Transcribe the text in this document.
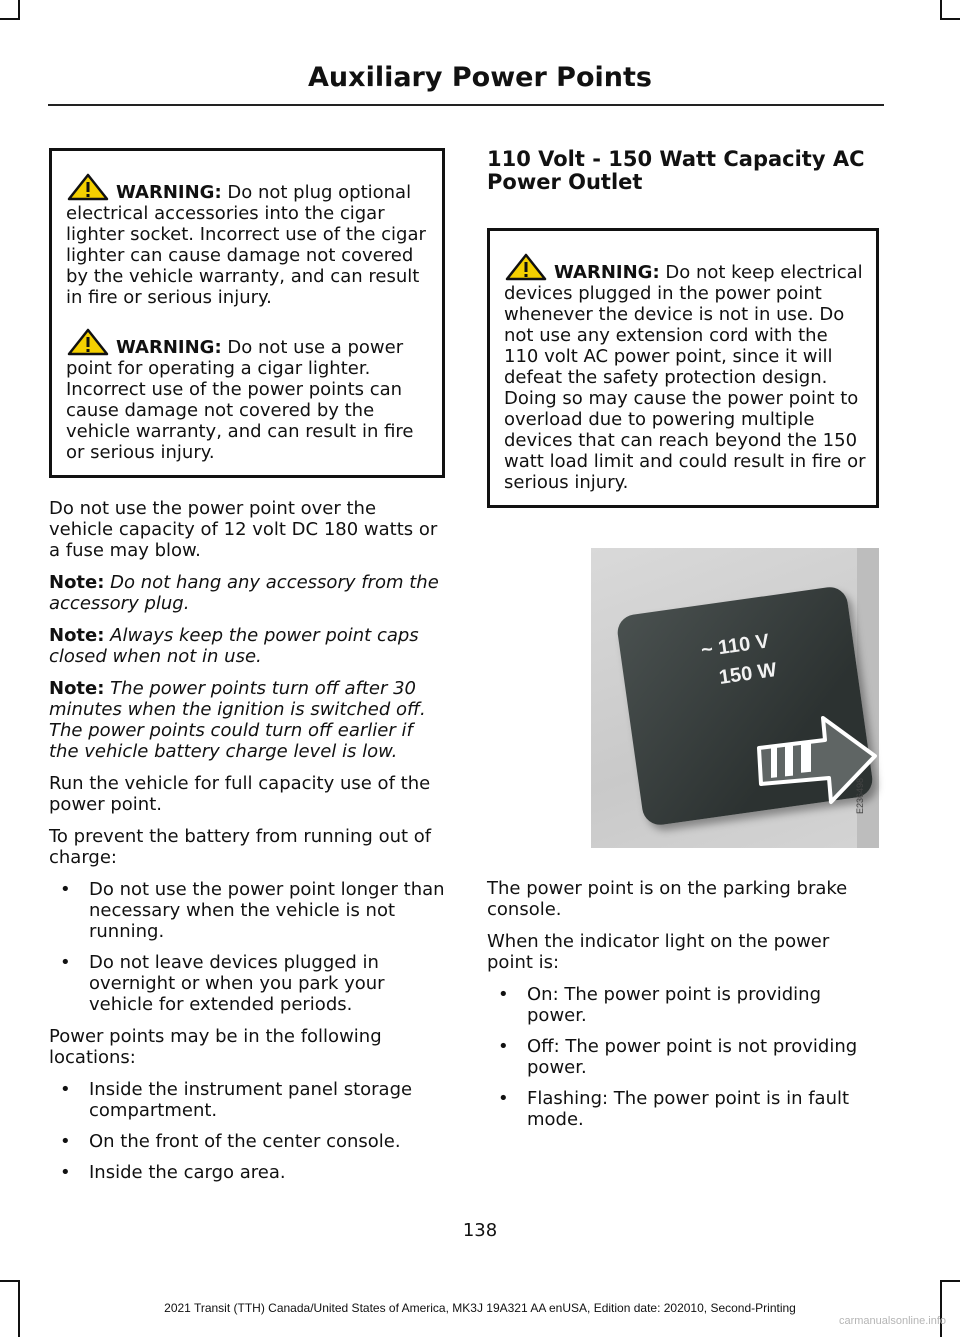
Auxiliary Power Points

WARNING: Do not plug optional electrical accessories into the cigar lighter socket. Incorrect use of the cigar lighter can cause damage not covered by the vehicle warranty, and can result in fire or serious injury.

WARNING: Do not use a power point for operating a cigar lighter. Incorrect use of the power points can cause damage not covered by the vehicle warranty, and can result in fire or serious injury.

Do not use the power point over the vehicle capacity of 12 volt DC 180 watts or a fuse may blow.

Note: Do not hang any accessory from the accessory plug.

Note: Always keep the power point caps closed when not in use.

Note: The power points turn off after 30 minutes when the ignition is switched off. The power points could turn off earlier if the vehicle battery charge level is low.

Run the vehicle for full capacity use of the power point.

To prevent the battery from running out of charge:

• Do not use the power point longer than necessary when the vehicle is not running.
• Do not leave devices plugged in overnight or when you park your vehicle for extended periods.

Power points may be in the following locations:

• Inside the instrument panel storage compartment.
• On the front of the center console.
• Inside the cargo area.
110 Volt - 150 Watt Capacity AC Power Outlet

WARNING: Do not keep electrical devices plugged in the power point whenever the device is not in use. Do not use any extension cord with the 110 volt AC power point, since it will defeat the safety protection design. Doing so may cause the power point to overload due to powering multiple devices that can reach beyond the 150 watt load limit and could result in fire or serious injury.

~ 110 V
150 W
E236498

The power point is on the parking brake console.

When the indicator light on the power point is:

• On: The power point is providing power.
• Off: The power point is not providing power.
• Flashing: The power point is in fault mode.
138
2021 Transit (TTH) Canada/United States of America, MK3J 19A321 AA enUSA, Edition date: 202010, Second-Printing
carmanualsonline.info
